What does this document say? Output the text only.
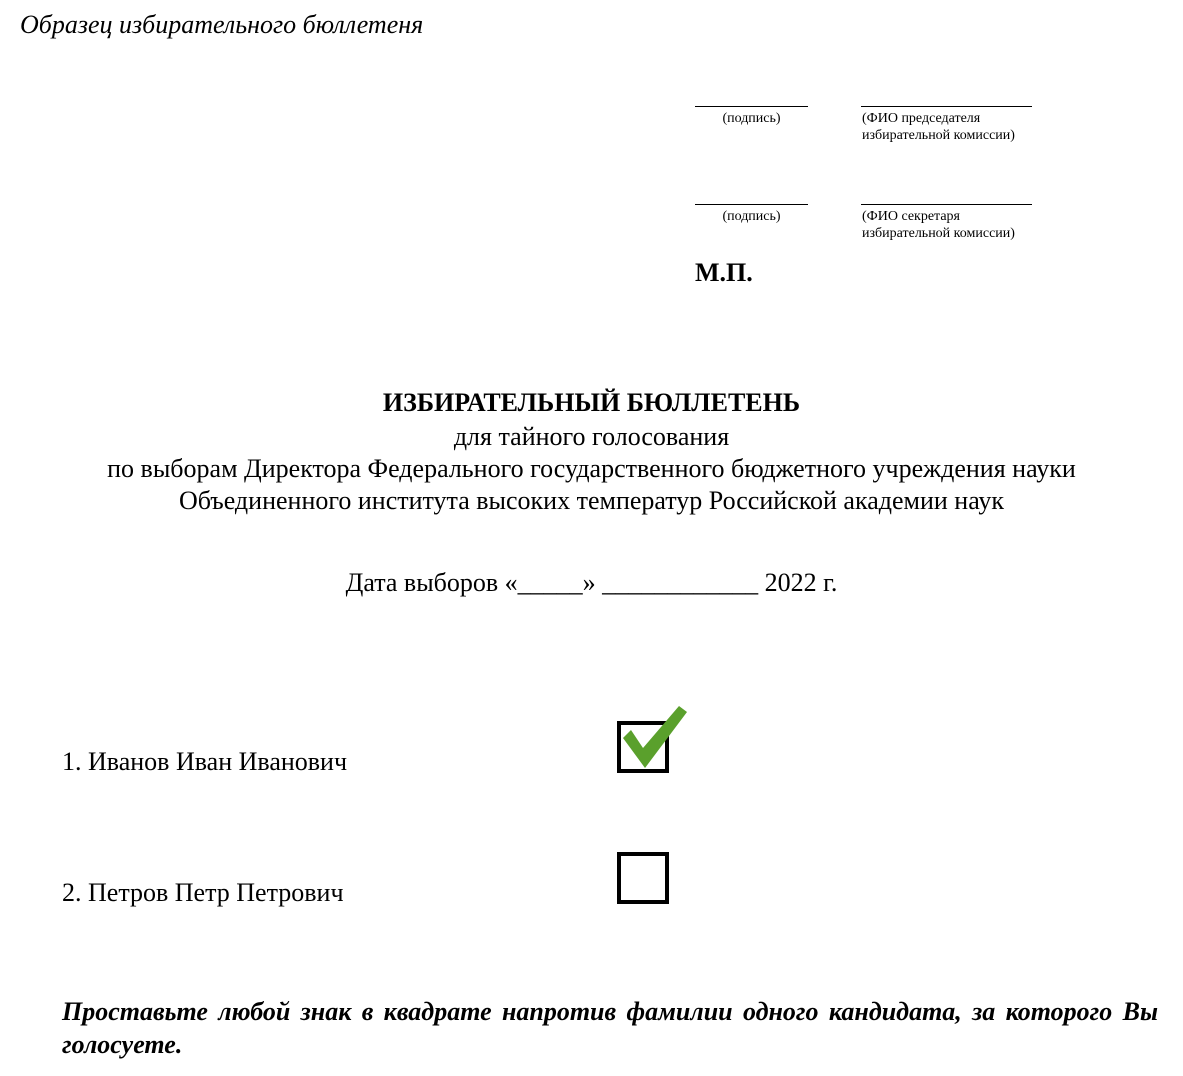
Образец избирательного бюллетеня
(подпись)	(ФИО председателя избирательной комиссии)
(подпись)	(ФИО секретаря избирательной комиссии)
М.П.
ИЗБИРАТЕЛЬНЫЙ БЮЛЛЕТЕНЬ
для тайного голосования
по выборам Директора Федерального государственного бюджетного учреждения науки
Объединенного института высоких температур Российской академии наук
Дата выборов «_____» ____________ 2022 г.
1. Иванов Иван Иванович
2. Петров Петр Петрович
Проставьте любой знак в квадрате напротив фамилии одного кандидата, за которого Вы голосуете.
